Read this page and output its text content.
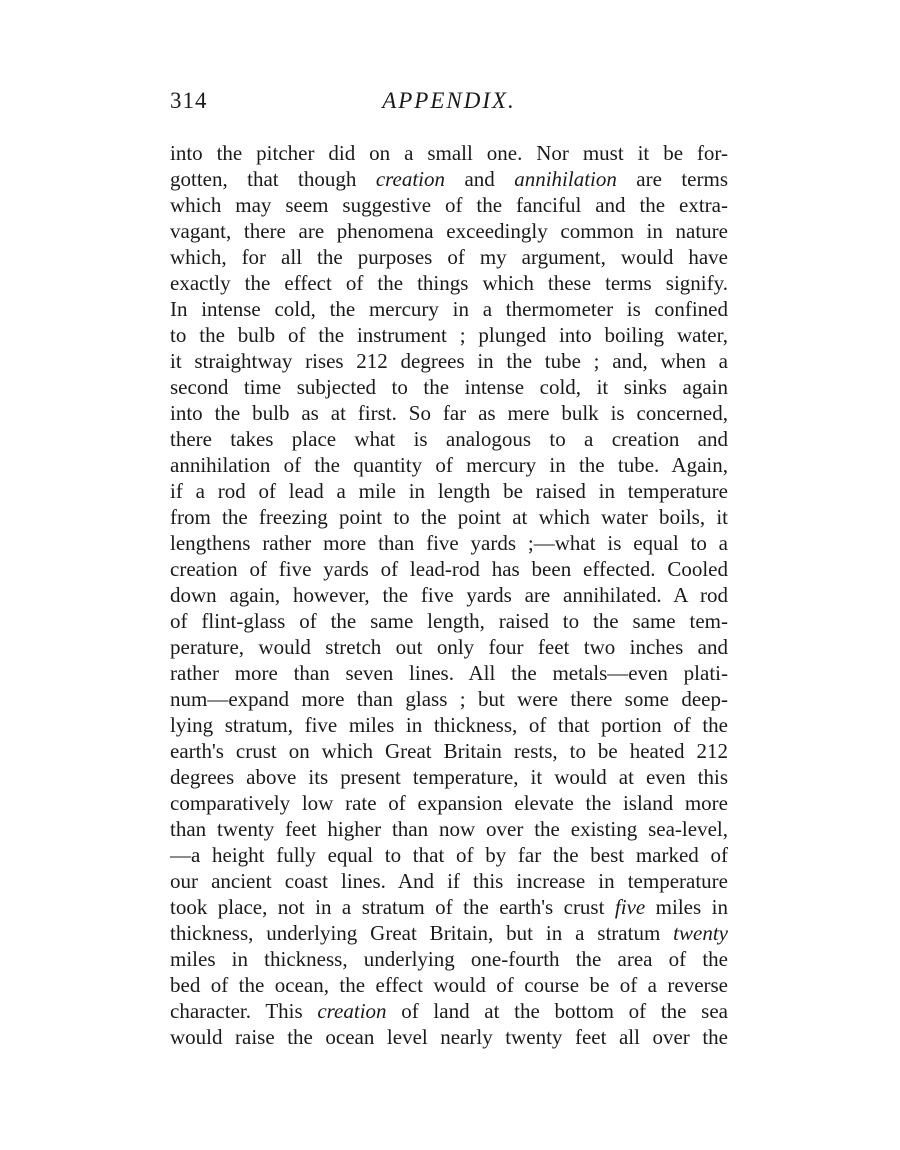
314	APPENDIX.
into the pitcher did on a small one. Nor must it be for-
gotten, that though creation and annihilation are terms
which may seem suggestive of the fanciful and the extra-
vagant, there are phenomena exceedingly common in nature
which, for all the purposes of my argument, would have
exactly the effect of the things which these terms signify.
In intense cold, the mercury in a thermometer is confined
to the bulb of the instrument ; plunged into boiling water,
it straightway rises 212 degrees in the tube ; and, when a
second time subjected to the intense cold, it sinks again
into the bulb as at first. So far as mere bulk is concerned,
there takes place what is analogous to a creation and
annihilation of the quantity of mercury in the tube. Again,
if a rod of lead a mile in length be raised in temperature
from the freezing point to the point at which water boils, it
lengthens rather more than five yards ;—what is equal to a
creation of five yards of lead-rod has been effected. Cooled
down again, however, the five yards are annihilated. A rod
of flint-glass of the same length, raised to the same tem-
perature, would stretch out only four feet two inches and
rather more than seven lines. All the metals—even plati-
num—expand more than glass ; but were there some deep-
lying stratum, five miles in thickness, of that portion of the
earth's crust on which Great Britain rests, to be heated 212
degrees above its present temperature, it would at even this
comparatively low rate of expansion elevate the island more
than twenty feet higher than now over the existing sea-level,
—a height fully equal to that of by far the best marked of
our ancient coast lines. And if this increase in temperature
took place, not in a stratum of the earth's crust five miles in
thickness, underlying Great Britain, but in a stratum twenty
miles in thickness, underlying one-fourth the area of the
bed of the ocean, the effect would of course be of a reverse
character. This creation of land at the bottom of the sea
would raise the ocean level nearly twenty feet all over the
